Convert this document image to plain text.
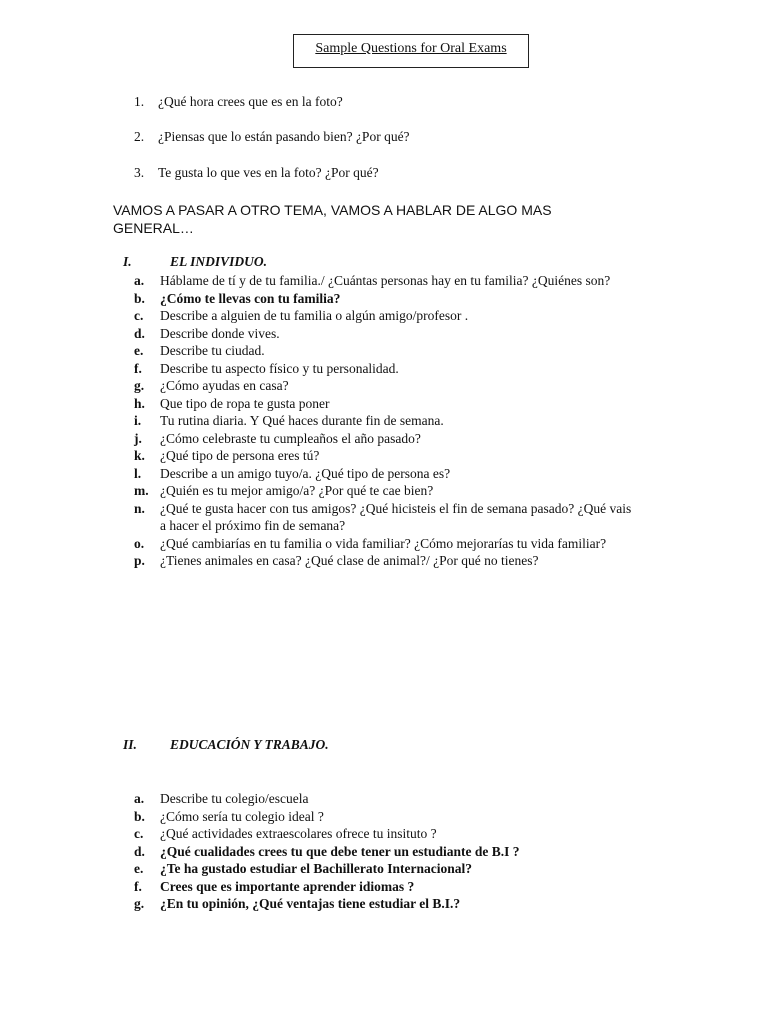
Sample Questions for Oral Exams
1.	¿Qué hora crees que es en la foto?
2.	¿Piensas que lo están pasando bien? ¿Por qué?
3.	Te gusta lo que ves en la foto? ¿Por qué?
VAMOS A PASAR A OTRO TEMA, VAMOS A HABLAR DE ALGO MAS GENERAL…
I.	EL INDIVIDUO.
a. Háblame de tí y de tu familia./ ¿Cuántas personas hay en tu familia? ¿Quiénes son?
b. ¿Cómo te llevas con tu familia?
c. Describe a alguien de tu familia o algún amigo/profesor .
d. Describe donde vives.
e. Describe tu ciudad.
f. Describe tu aspecto físico y tu personalidad.
g. ¿Cómo ayudas en casa?
h. Que tipo de ropa te gusta poner
i. Tu rutina diaria. Y Qué haces durante fin de semana.
j. ¿Cómo celebraste tu cumpleaños el año pasado?
k. ¿Qué tipo de persona eres tú?
l. Describe a un amigo tuyo/a. ¿Qué tipo de persona es?
m. ¿Quién es tu mejor amigo/a? ¿Por qué te cae bien?
n. ¿Qué te gusta hacer con tus amigos? ¿Qué hicisteis el fin de semana pasado? ¿Qué vais a hacer el próximo fin de semana?
o. ¿Qué cambiarías en tu familia o vida familiar? ¿Cómo mejorarías tu vida familiar?
p. ¿Tienes animales en casa? ¿Qué clase de animal?/ ¿Por qué no tienes?
II. EDUCACIÓN Y TRABAJO.
a. Describe tu colegio/escuela
b. ¿Cómo sería tu colegio ideal ?
c. ¿Qué actividades extraescolares ofrece tu insituto ?
d. ¿Qué cualidades crees tu que debe tener un estudiante de B.I ?
e. ¿Te ha gustado estudiar el Bachillerato Internacional?
f. Crees que es importante aprender idiomas ?
g. ¿En tu opinión, ¿Qué ventajas tiene estudiar el B.I.?
